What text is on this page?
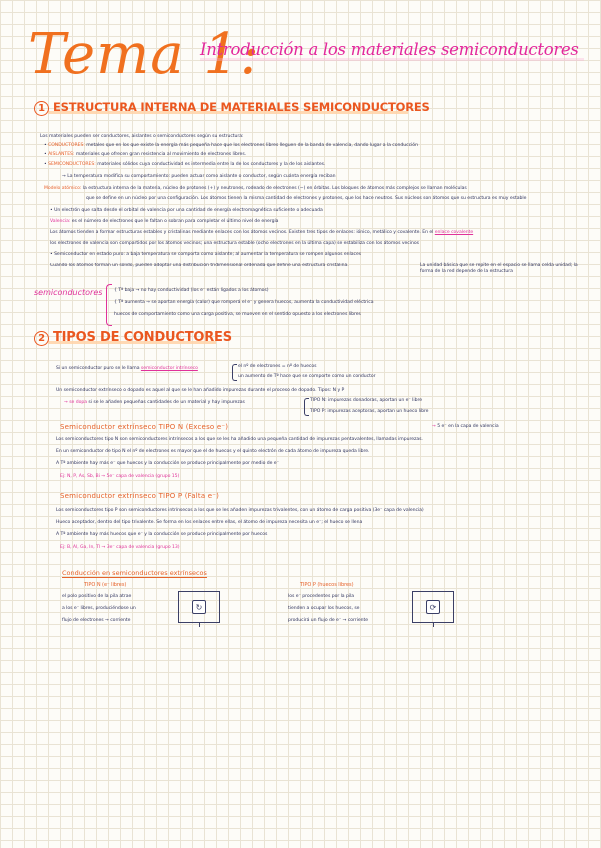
Tema 1:
Introducción a los materiales semiconductores
1 ESTRUCTURA INTERNA DE MATERIALES SEMICONDUCTORES
Los materiales pueden ser conductores, aislantes o semiconductores según su estructura:
• CONDUCTORES: metales que en los que existe la energía más pequeña hace que los electrones libres lleguen de la banda de valencia, dando lugar a la conducción
• AISLANTES: materiales que ofrecen gran resistencia al movimiento de electrones libres.
• SEMICONDUCTORES: materiales sólidos cuya conductividad es intermedia entre la de los conductores y la de los aislantes.
→ La temperatura modifica su comportamiento: pueden actuar como aislante o conductor, según cuánta energía reciban
Modelo atómico: la estructura interna de la materia, núcleo de protones (+) y neutrones, rodeado de electrones (−) en órbitas. Los bloques de átomos más complejos se llaman moléculas
que se define en un núcleo por una configuración. Los átomos tienen la misma cantidad de electrones y protones, que los hace neutros. Sus núcleos son átomos que su estructura es muy estable
• Un electrón que salta desde el orbital de valencia por una cantidad de energía electromagnética suficiente o adecuada
Valencia: es el número de electrones que le faltan o sobran para completar el último nivel de energía
Los átomos tienden a formar estructuras estables y cristalinas mediante enlaces con los átomos vecinos. Existen tres tipos de enlaces: iónico, metálico y covalente. En el enlace covalente
los electrones de valencia son compartidos por los átomos vecinos; una estructura estable (ocho electrones en la última capa) se estabiliza con los átomos vecinos
• Semiconductor en estado puro: a baja temperatura se comporta como aislante; al aumentar la temperatura se rompen algunos enlaces
Cuando los átomos forman un sólido, pueden adoptar una distribución tridimensional ordenada que define una estructura cristalina.	La unidad básica que se repite en el espacio se llama celda unidad; la forma de la red depende de la estructura
semiconductores	{ Tª baja → no hay conductividad (los e⁻ están ligados a los átomos)
{ Tª aumenta → se aportan energía (calor) que romperá el e⁻ y genera huecos, aumenta la conductividad eléctrica
huecos de comportamiento como una carga positiva, se mueven en el sentido opuesto a los electrones libres
2 TIPOS DE CONDUCTORES
Si un semiconductor puro se le llama semiconductor intrínseco	el nº de electrones = nº de huecos
un aumento de Tª hace que se comporte como un conductor
Un semiconductor extrínseco o dopado es aquel al que se le han añadido impurezas durante el proceso de dopado. Tipos: N y P
→ se dopa si se le añaden pequeñas cantidades de un material y hay impurezas	TIPO N: impurezas donadoras, aportan un e⁻ libre
TIPO P: impurezas aceptoras, aportan un hueco libre
Semiconductor extrínseco TIPO N (Exceso e⁻)
Los semiconductores tipo N son semiconductores intrínsecos a los que se les ha añadido una pequeña cantidad de impurezas pentavalentes, llamadas impurezas.
En un semiconductor de tipo N el nº de electrones es mayor que el de huecos y el quinto electrón de cada átomo de impureza queda libre.
A Tª ambiente hay más e⁻ que huecos y la conducción se produce principalmente por medio de e⁻
Ej: N, P, As, Sb, Bi → 5e⁻ capa de valencia (grupo 15)
→ 5 e⁻ en la capa de valencia
Semiconductor extrínseco TIPO P (Falta e⁻)
Los semiconductores tipo P son semiconductores intrínsecos a los que se les añaden impurezas trivalentes, con un átomo de carga positiva (3e⁻ capa de valencia)
Hueco aceptador, dentro del tipo trivalente. Se forma en los enlaces entre ellas, el átomo de impureza necesita un e⁻; el hueco se llena
A Tª ambiente hay más huecos que e⁻ y la conducción se produce principalmente por huecos
Ej: B, Al, Ga, In, Tl → 3e⁻ capa de valencia (grupo 13)
Conducción en semiconductores extrínsecos
TIPO N (e⁻ libres)
el polo positivo de la pila atrae
a los e⁻ libres, produciéndose un
flujo de electrones → corriente
↻
TIPO P (huecos libres)
los e⁻ procedentes por la pila
tienden a ocupar los huecos, se
producirá un flujo de e⁻ → corriente
⟳
